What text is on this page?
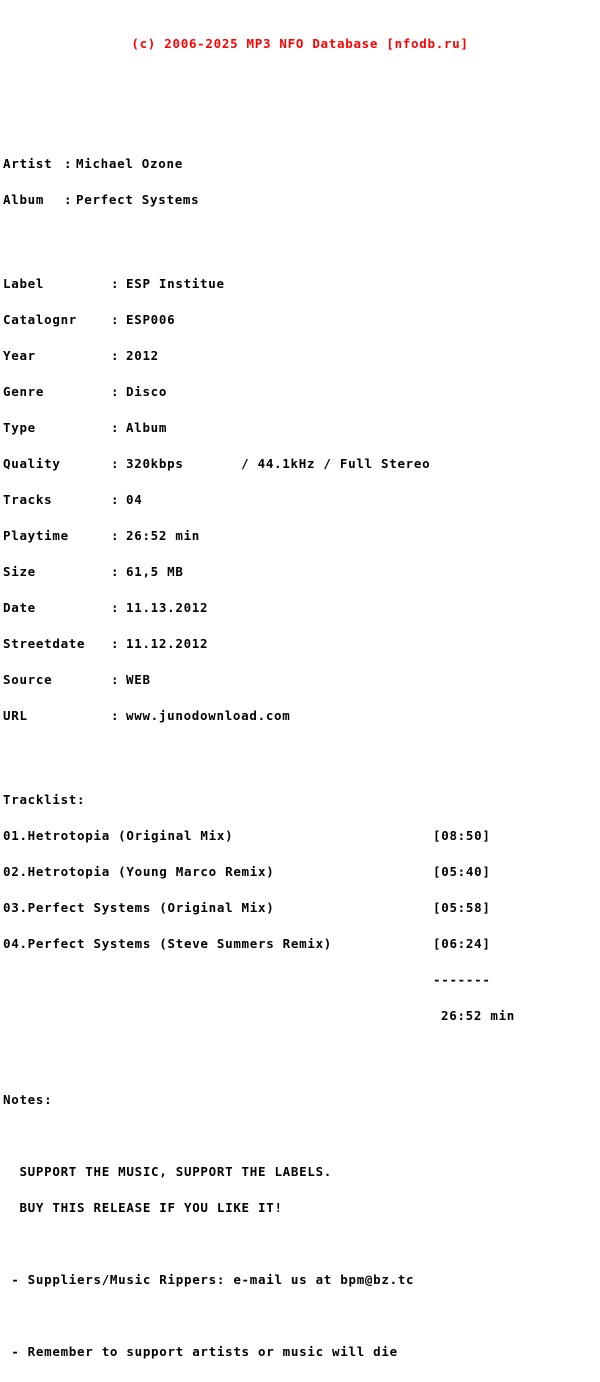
(c) 2006-2025 MP3 NFO Database [nfodb.ru]

Artist : Michael Ozone

Album : Perfect Systems

Label	: ESP Institue

Catalognr	: ESP006

Year	: 2012

Genre	: Disco

Type	: Album

Quality	: 320kbps       / 44.1kHz / Full Stereo

Tracks	: 04

Playtime	: 26:52 min

Size	: 61,5 MB

Date	: 11.13.2012

Streetdate : 11.12.2012

Source	: WEB

URL	: www.junodownload.com

Tracklist:

01.Hetrotopia (Original Mix)	[08:50]

02.Hetrotopia (Young Marco Remix)	[05:40]

03.Perfect Systems (Original Mix)	[05:58]

04.Perfect Systems (Steve Summers Remix)	[06:24]

-------

26:52 min

Notes:

SUPPORT THE MUSIC, SUPPORT THE LABELS.

BUY THIS RELEASE IF YOU LIKE IT!

- Suppliers/Music Rippers: e-mail us at bpm@bz.tc

- Remember to support artists or music will die
